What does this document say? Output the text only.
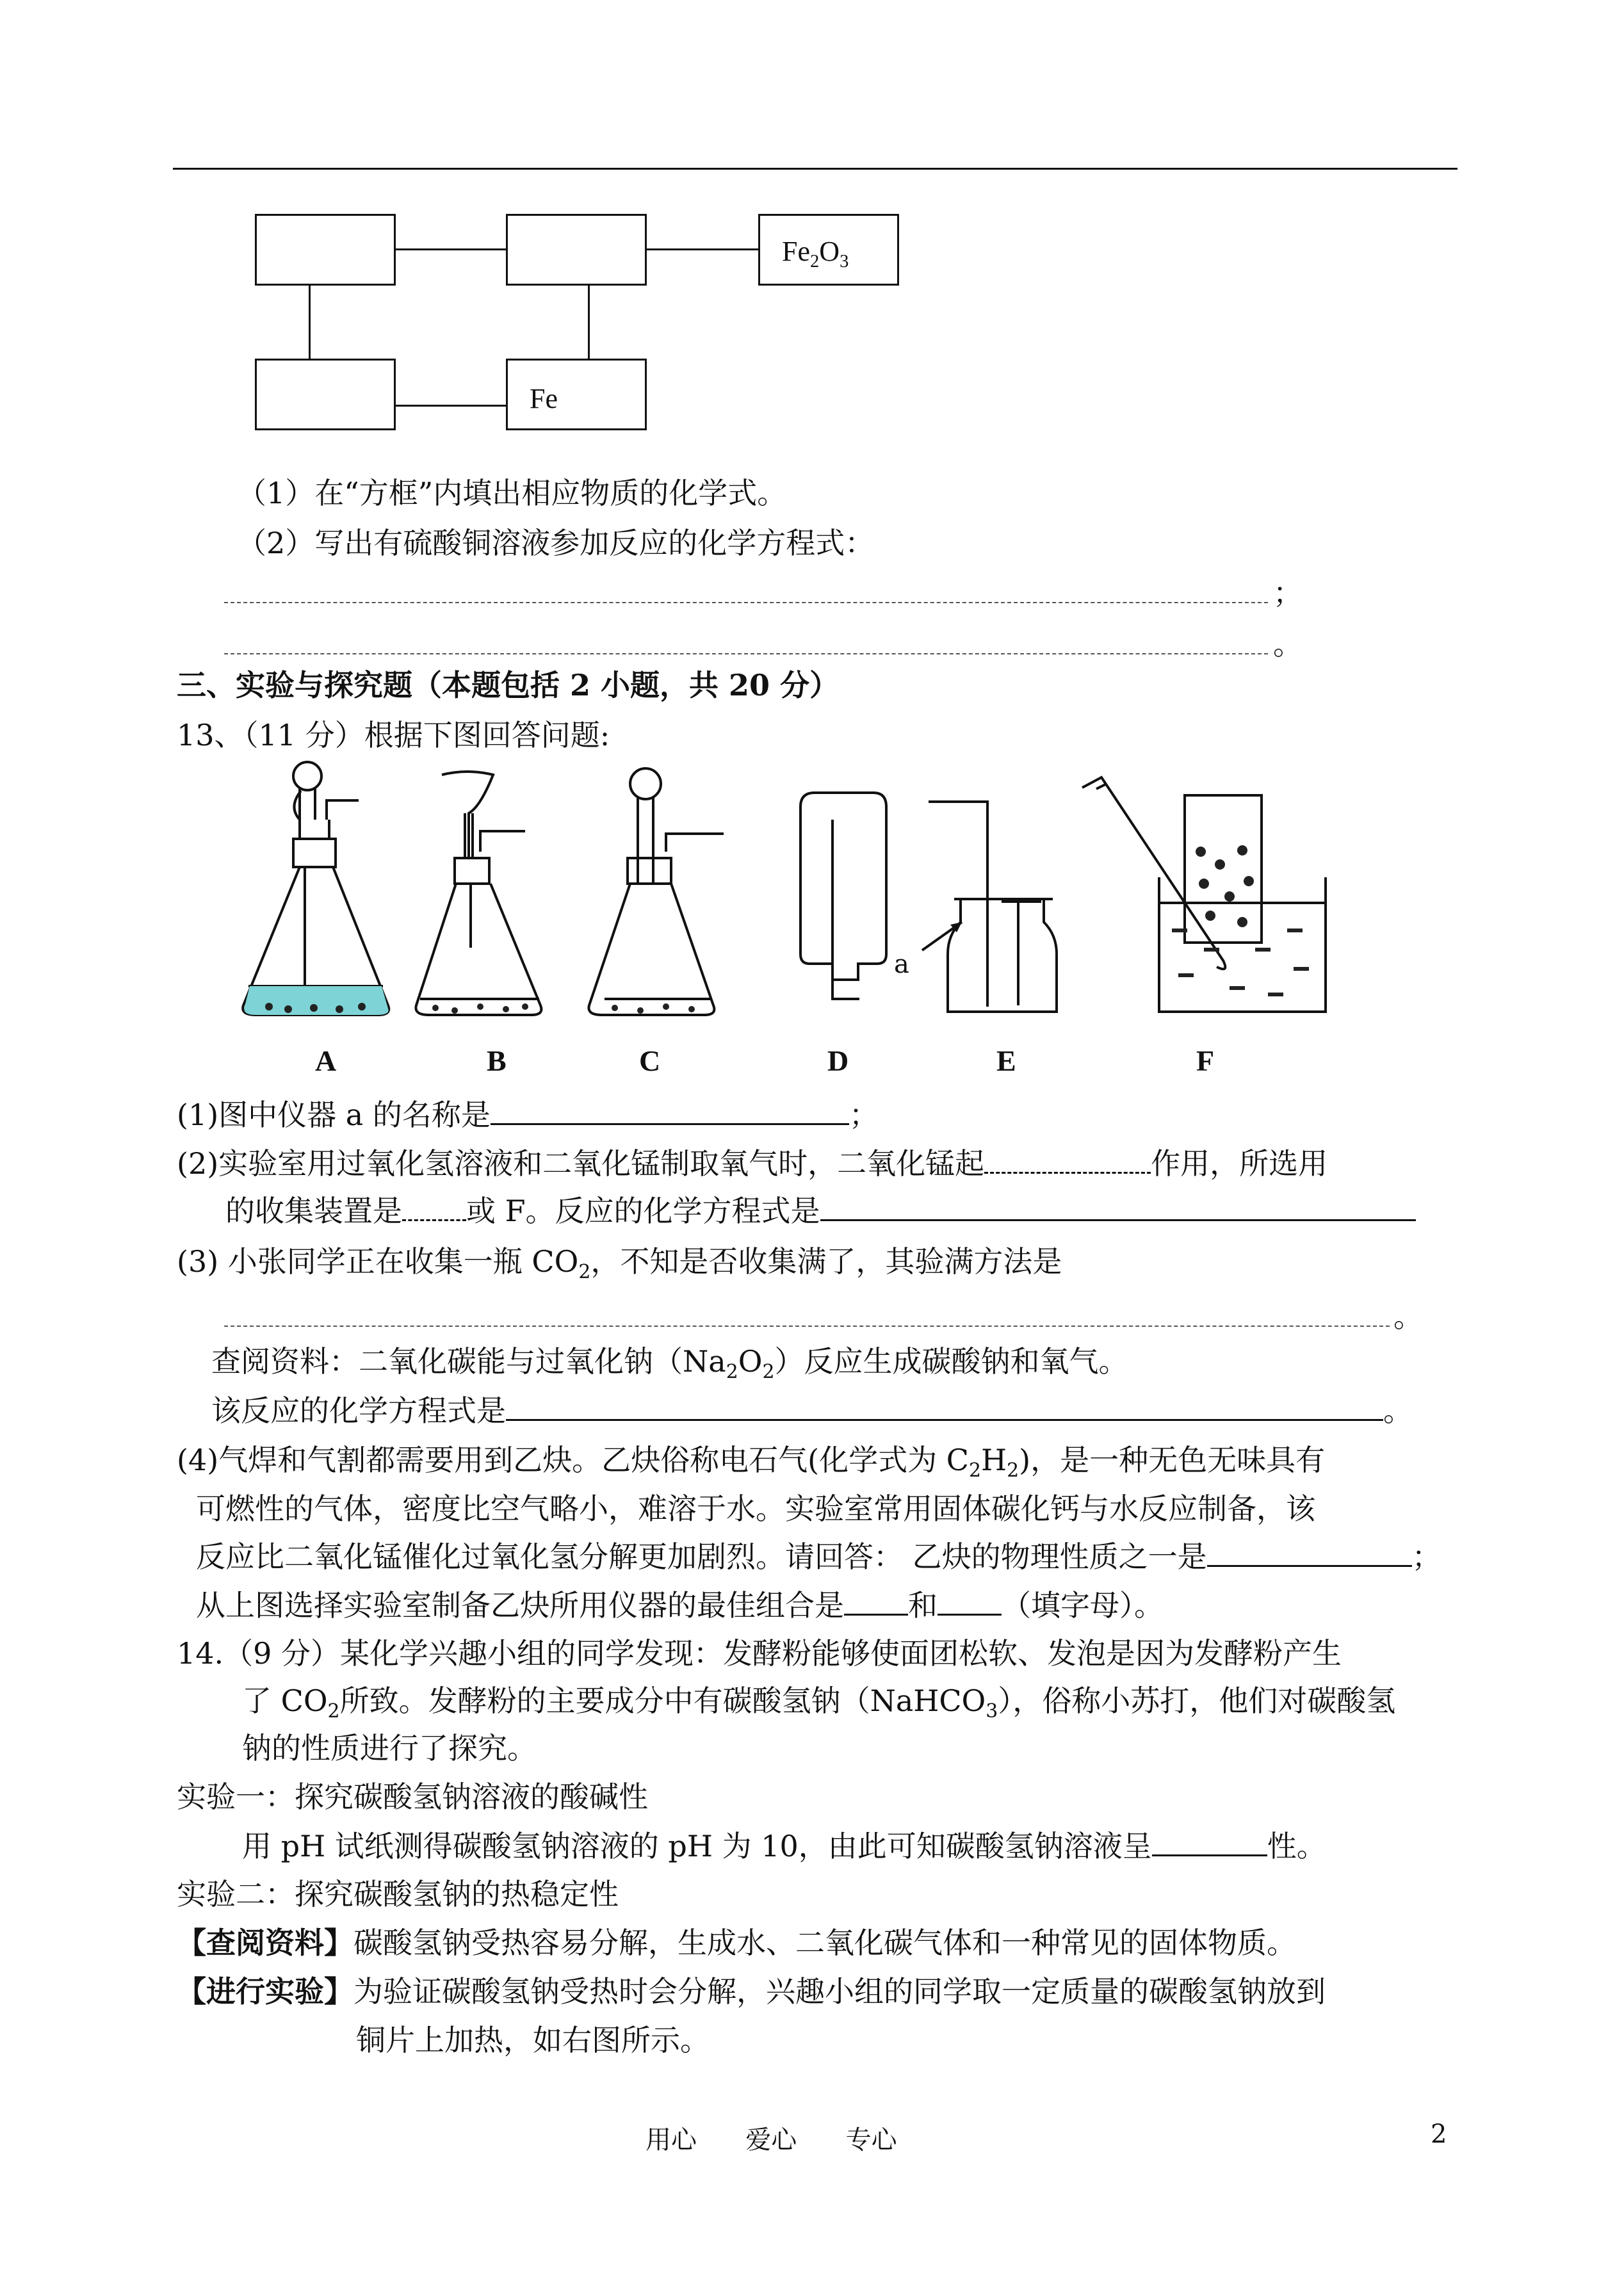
$Fe_2O_3$
Fe
（1）在“方框”内填出相应物质的化学式。
（2）写出有硫酸铜溶液参加反应的化学方程式：
；
。
三、实验与探究题（本题包括 2 小题，共 20 分）
13、（11 分）根据下图回答问题:
a
A	B	C	D	E	F
(1)图中仪器 a 的名称是	；
(2)实验室用过氧化氢溶液和二氧化锰制取氧气时，二氧化锰起	作用，所选用
的收集装置是 或 F。反应的化学方程式是
(3) 小张同学正在收集一瓶 $CO_2$，不知是否收集满了，其验满方法是
。
查阅资料：二氧化碳能与过氧化钠$(Na_2O_2)$反应生成碳酸钠和氧气。
该反应的化学方程式是	。
(4)气焊和气割都需要用到乙炔。乙炔俗称电石气(化学式为 $C_2H_2$)，是一种无色无味具有
可燃性的气体，密度比空气略小，难溶于水。实验室常用固体碳化钙与水反应制备，该
反应比二氧化锰催化过氧化氢分解更加剧烈。请回答： 乙炔的物理性质之一是	；
从上图选择实验室制备乙炔所用仪器的最佳组合是 和 （填字母）。
14.（9 分）某化学兴趣小组的同学发现：发酵粉能够使面团松软、发泡是因为发酵粉产生
了 $CO_2$所致。发酵粉的主要成分中有碳酸氢钠（NaHCO$_3$），俗称小苏打，他们对碳酸氢
钠的性质进行了探究。
实验一：探究碳酸氢钠溶液的酸碱性
用 pH 试纸测得碳酸氢钠溶液的 pH 为 10，由此可知碳酸氢钠溶液呈	性。
实验二：探究碳酸氢钠的热稳定性
【查阅资料】碳酸氢钠受热容易分解，生成水、二氧化碳气体和一种常见的固体物质。
【进行实验】为验证碳酸氢钠受热时会分解，兴趣小组的同学取一定质量的碳酸氢钠放到
铜片上加热，如右图所示。
用心      爱心      专心	2
